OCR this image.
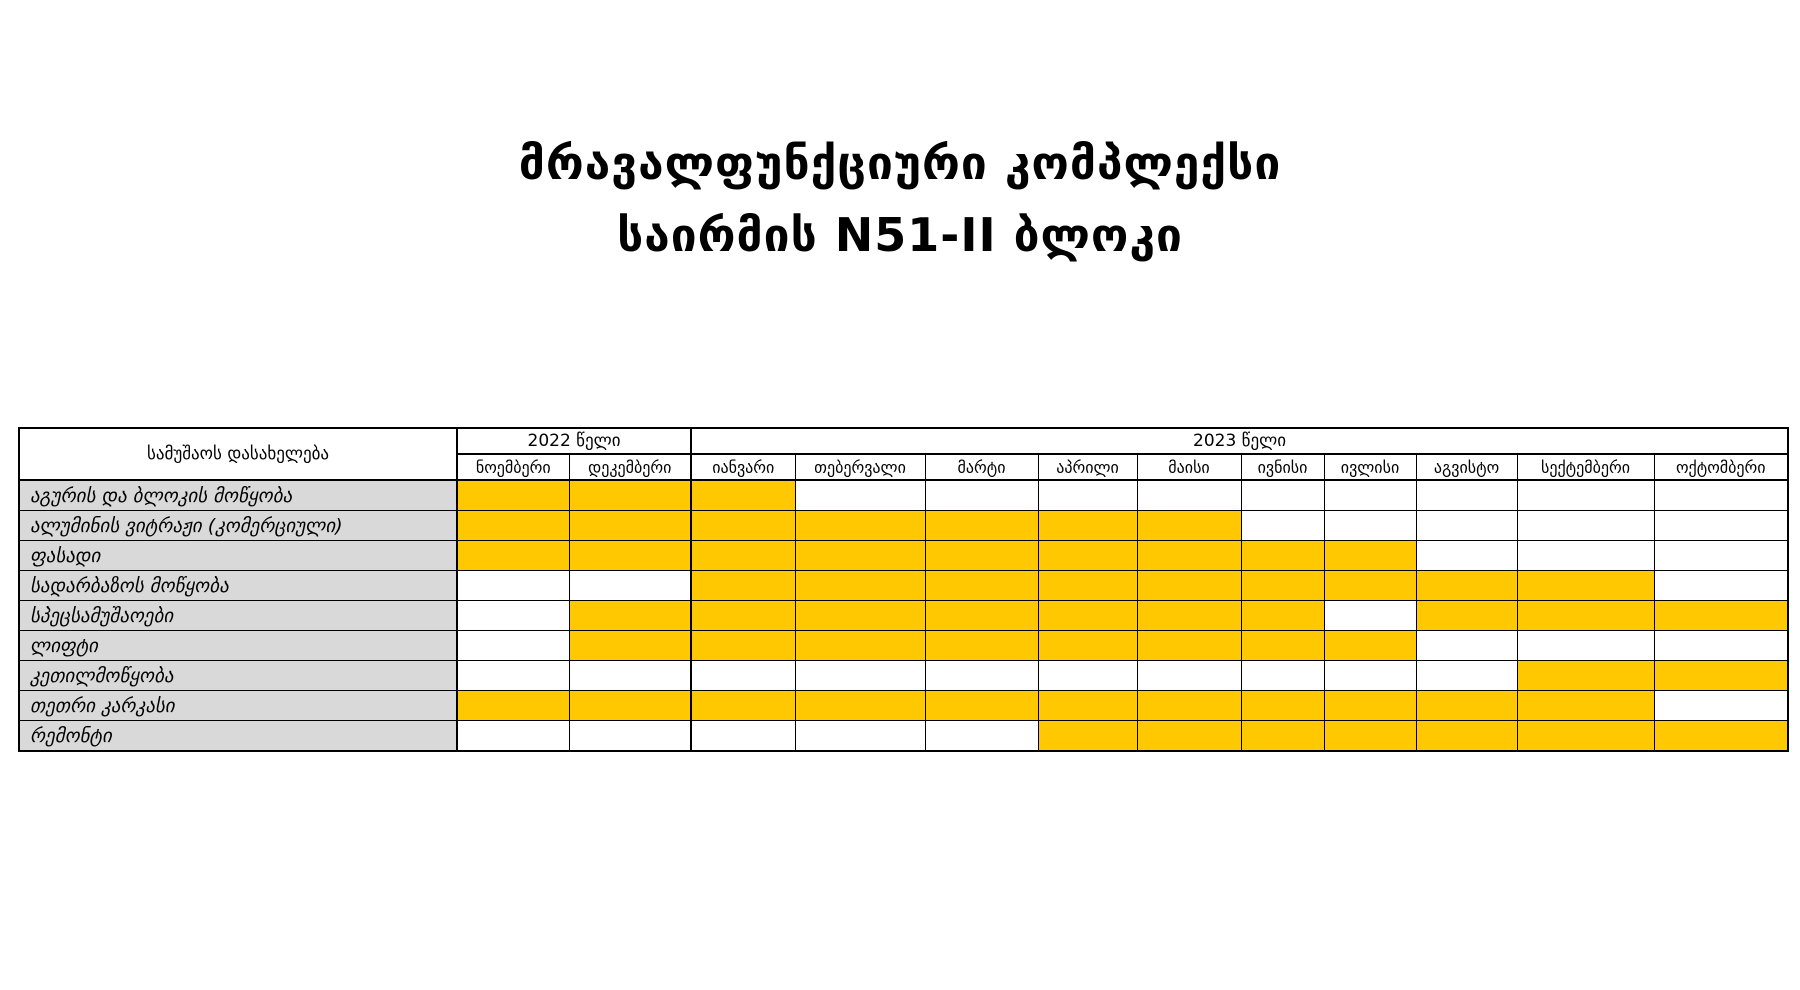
მრავალფუნქციური კომპლექსი
საირმის N51-II ბლოკი
სამუშაოს დასახელება	2022 წელი		2023 წელი									
	ნოემბერი	დეკემბერი	იანვარი	თებერვალი	მარტი	აპრილი	მაისი	ივნისი	ივლისი	აგვისტო	სექტემბერი	ოქტომბერი
აგურის და ბლოკის მოწყობა												
ალუმინის ვიტრაჟი (კომერციული)												
ფასადი												
სადარბაზოს მოწყობა												
სპეცსამუშაოები												
ლიფტი												
კეთილმოწყობა												
თეთრი კარკასი												
რემონტი												
